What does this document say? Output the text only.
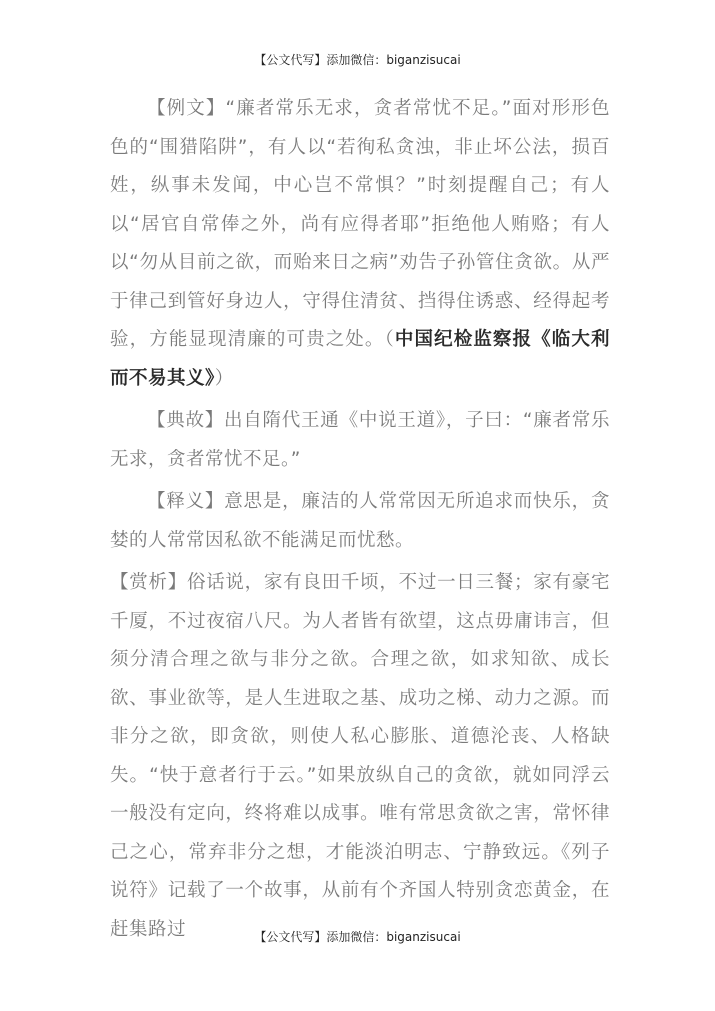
【公文代写】添加微信：biganzisucai

【例文】“廉者常乐无求，贪者常忧不足。”面对形形色色的“围猎陷阱”，有人以“若徇私贪浊，非止坏公法，损百姓，纵事未发闻，中心岂不常惧？”时刻提醒自己；有人以“居官自常俸之外，尚有应得者耶”拒绝他人贿赂；有人以“勿从目前之欲，而贻来日之病”劝告子孙管住贪欲。从严于律己到管好身边人，守得住清贫、挡得住诱惑、经得起考验，方能显现清廉的可贵之处。（中国纪检监察报《临大利而不易其义》）

【典故】出自隋代王通《中说王道》，子曰：“廉者常乐无求，贪者常忧不足。”

【释义】意思是，廉洁的人常常因无所追求而快乐，贪婪的人常常因私欲不能满足而忧愁。

【赏析】俗话说，家有良田千顷，不过一日三餐；家有豪宅千厦，不过夜宿八尺。为人者皆有欲望，这点毋庸讳言，但须分清合理之欲与非分之欲。合理之欲，如求知欲、成长欲、事业欲等，是人生进取之基、成功之梯、动力之源。而非分之欲，即贪欲，则使人私心膨胀、道德沦丧、人格缺失。“快于意者行于云。”如果放纵自己的贪欲，就如同浮云一般没有定向，终将难以成事。唯有常思贪欲之害，常怀律己之心，常弃非分之想，才能淡泊明志、宁静致远。《列子说符》记载了一个故事，从前有个齐国人特别贪恋黄金，在赶集路过	【公文代写】添加微信：biganzisucai
